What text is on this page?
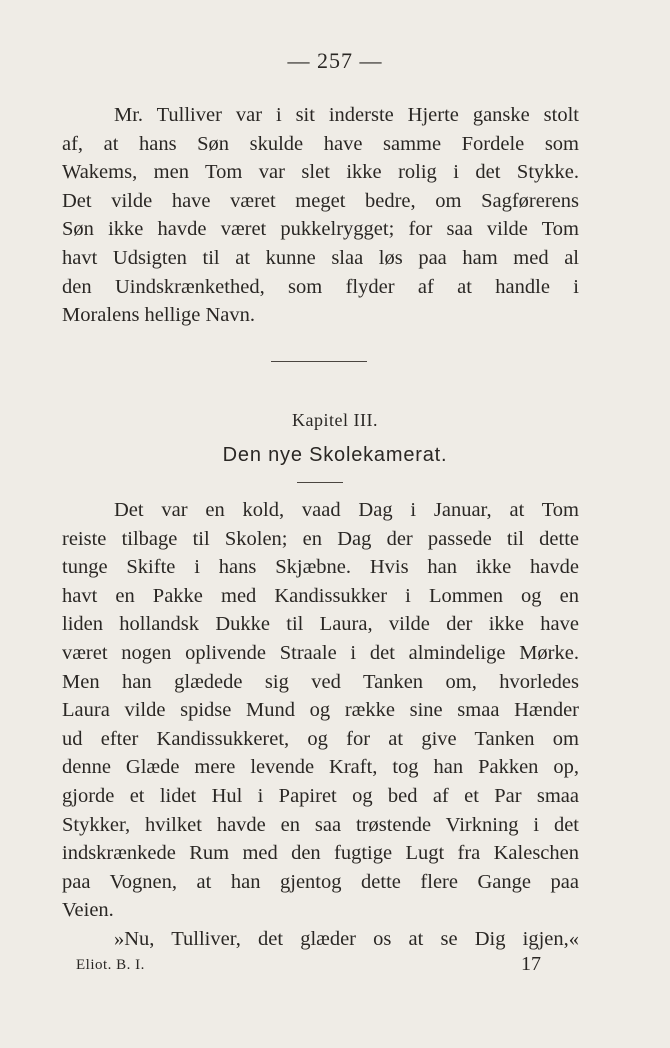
— 257 —
Mr. Tulliver var i sit inderste Hjerte ganske stolt
af, at hans Søn skulde have samme Fordele som
Wakems, men Tom var slet ikke rolig i det Stykke.
Det vilde have været meget bedre, om Sagførerens
Søn ikke havde været pukkelrygget; for saa vilde Tom
havt Udsigten til at kunne slaa løs paa ham med al
den Uindskrænkethed, som flyder af at handle i
Moralens hellige Navn.
Kapitel III.
Den nye Skolekamerat.
Det var en kold, vaad Dag i Januar, at Tom
reiste tilbage til Skolen; en Dag der passede til dette
tunge Skifte i hans Skjæbne. Hvis han ikke havde
havt en Pakke med Kandissukker i Lommen og en
liden hollandsk Dukke til Laura, vilde der ikke have
været nogen oplivende Straale i det almindelige Mørke.
Men han glædede sig ved Tanken om, hvorledes
Laura vilde spidse Mund og række sine smaa Hænder
ud efter Kandissukkeret, og for at give Tanken om
denne Glæde mere levende Kraft, tog han Pakken op,
gjorde et lidet Hul i Papiret og bed af et Par smaa
Stykker, hvilket havde en saa trøstende Virkning i det
indskrænkede Rum med den fugtige Lugt fra Kaleschen
paa Vognen, at han gjentog dette flere Gange paa
Veien.
»Nu, Tulliver, det glæder os at se Dig igjen,«
Eliot. B. I.	17
